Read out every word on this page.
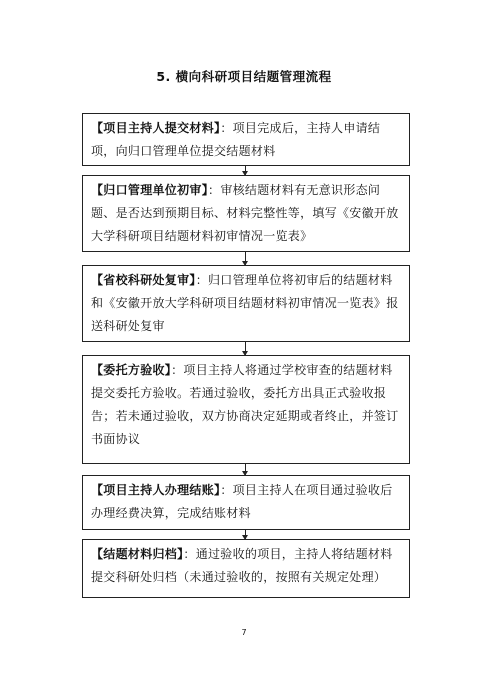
5. 横向科研项目结题管理流程
【项目主持人提交材料】：项目完成后，主持人申请结项，向归口管理单位提交结题材料
【归口管理单位初审】：审核结题材料有无意识形态问题、是否达到预期目标、材料完整性等，填写《安徽开放大学科研项目结题材料初审情况一览表》
【省校科研处复审】：归口管理单位将初审后的结题材料和《安徽开放大学科研项目结题材料初审情况一览表》报送科研处复审
【委托方验收】：项目主持人将通过学校审查的结题材料提交委托方验收。若通过验收，委托方出具正式验收报告；若未通过验收，双方协商决定延期或者终止，并签订书面协议
【项目主持人办理结账】：项目主持人在项目通过验收后办理经费决算，完成结账材料
【结题材料归档】：通过验收的项目，主持人将结题材料提交科研处归档（未通过验收的，按照有关规定处理）
7
